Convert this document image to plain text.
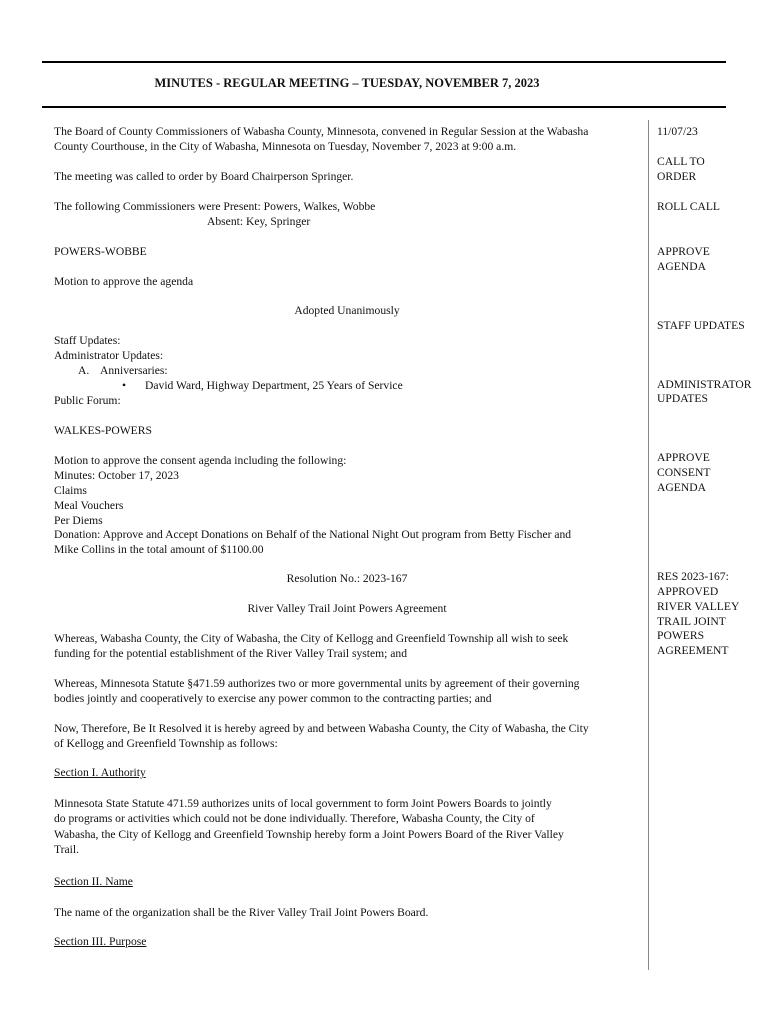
MINUTES - REGULAR MEETING – TUESDAY, NOVEMBER 7, 2023
The Board of County Commissioners of Wabasha County, Minnesota, convened in Regular Session at the Wabasha
County Courthouse, in the City of Wabasha, Minnesota on Tuesday, November 7, 2023 at 9:00 a.m.
The meeting was called to order by Board Chairperson Springer.
The following Commissioners were Present: Powers, Walkes, Wobbe
Absent: Key, Springer
POWERS-WOBBE
Motion to approve the agenda
Adopted Unanimously
Staff Updates:
Administrator Updates:
A. Anniversaries:
• David Ward, Highway Department, 25 Years of Service
Public Forum:
WALKES-POWERS
Motion to approve the consent agenda including the following:
Minutes: October 17, 2023
Claims
Meal Vouchers
Per Diems
Donation: Approve and Accept Donations on Behalf of the National Night Out program from Betty Fischer and
Mike Collins in the total amount of $1100.00
Resolution No.: 2023-167
River Valley Trail Joint Powers Agreement
Whereas, Wabasha County, the City of Wabasha, the City of Kellogg and Greenfield Township all wish to seek
funding for the potential establishment of the River Valley Trail system; and
Whereas, Minnesota Statute §471.59 authorizes two or more governmental units by agreement of their governing
bodies jointly and cooperatively to exercise any power common to the contracting parties; and
Now, Therefore, Be It Resolved it is hereby agreed by and between Wabasha County, the City of Wabasha, the City
of Kellogg and Greenfield Township as follows:
Section I. Authority
Minnesota State Statute 471.59 authorizes units of local government to form Joint Powers Boards to jointly
do programs or activities which could not be done individually. Therefore, Wabasha County, the City of
Wabasha, the City of Kellogg and Greenfield Township hereby form a Joint Powers Board of the River Valley
Trail.
Section II. Name
The name of the organization shall be the River Valley Trail Joint Powers Board.
Section III. Purpose
11/07/23
CALL TO
ORDER
ROLL CALL
APPROVE
AGENDA
STAFF UPDATES
ADMINISTRATOR
UPDATES
APPROVE
CONSENT
AGENDA
RES 2023-167:
APPROVED
RIVER VALLEY
TRAIL JOINT
POWERS
AGREEMENT
